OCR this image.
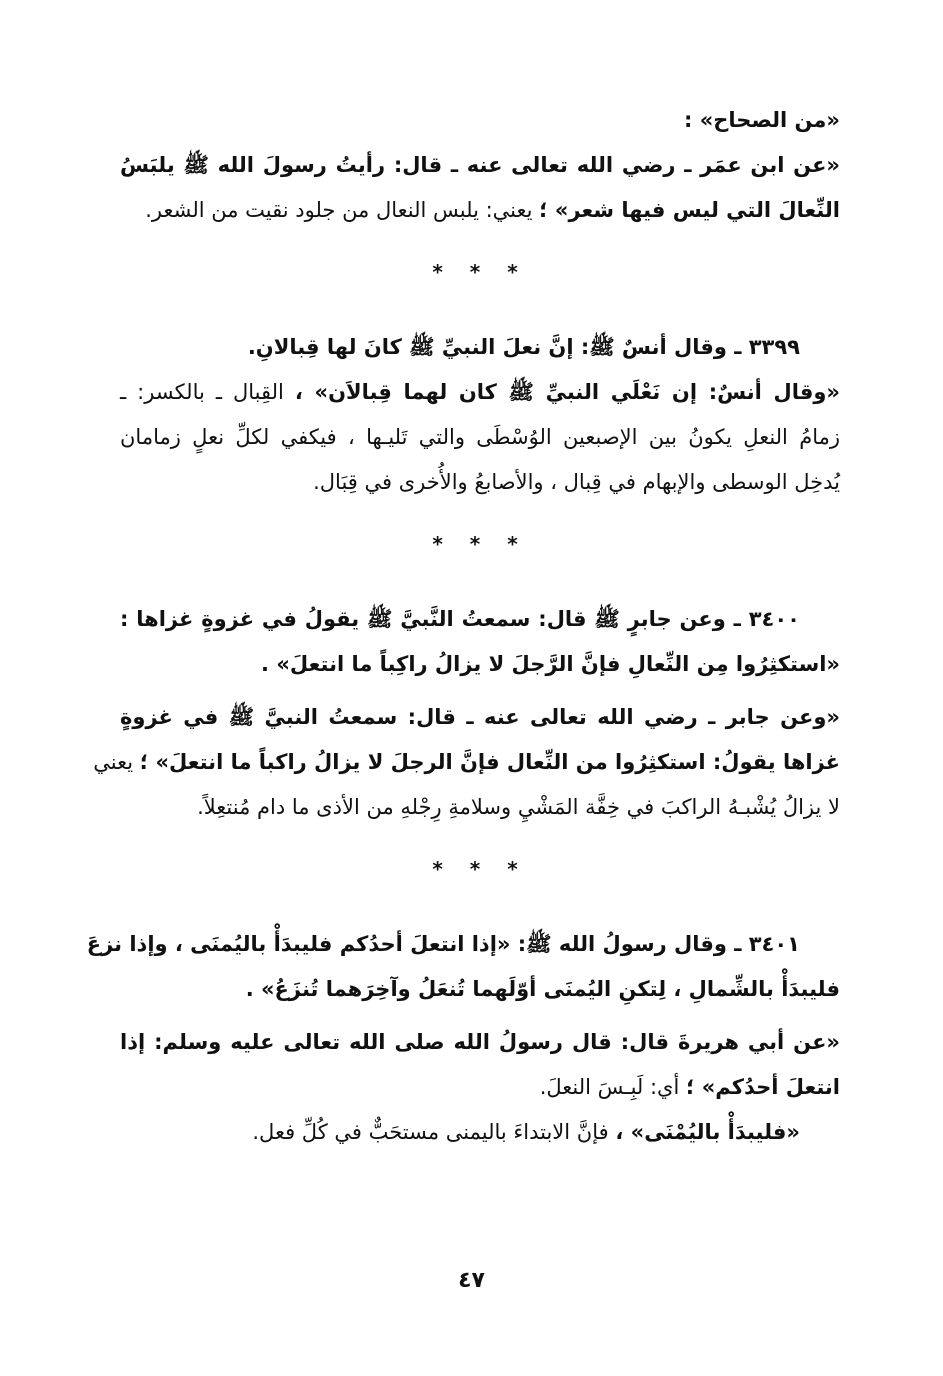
«من الصحاح» :
«عن ابن عمَر ـ رضي الله تعالى عنه ـ قال: رأيتُ رسولَ الله ﷺ يلبَسُ
النِّعالَ التي ليس فيها شعر» ؛ يعني: يلبس النعال من جلود نقيت من الشعر.
* * *
٣٣٩٩ ـ وقال أنسٌ ﷺ: إنَّ نعلَ النبيِّ ﷺ كانَ لها قِبالانِ.
«وقال أنسٌ: إن نَعْلَي النبيِّ ﷺ كان لهما قِبالاَن» ، القِبال ـ بالكسر: ـ
زمامُ النعلِ يكونُ بين الإصبعين الوُسْطَى والتي تَليـها ، فيكفي لكلِّ نعلٍ زمامان
يُدخِل الوسطى والإبهام في قِبال ، والأصابعُ والأُخرى في قِبَال.
* * *
٣٤٠٠ ـ وعن جابرٍ ﷺ قال: سمعتُ النَّبيَّ ﷺ يقولُ في غزوةٍ غزاها :
«استكثِرُوا مِن النِّعالِ فإنَّ الرَّجلَ لا يزالُ راكِباً ما انتعلَ» .
«وعن جابر ـ رضي الله تعالى عنه ـ قال: سمعتُ النبيَّ ﷺ في غزوةٍ
غزاها يقولُ: استكثِرُوا من النِّعال فإنَّ الرجلَ لا يزالُ راكباً ما انتعلَ» ؛ يعني
لا يزالُ يُشْبـهُ الراكبَ في خِفَّة المَشْيِ وسلامةِ رِجْلهِ من الأذى ما دام مُنتعِلاً.
* * *
٣٤٠١ ـ وقال رسولُ الله ﷺ: «إذا انتعلَ أحدُكم فليبدَأْ باليُمنَى ، وإذا نزعَ
فليبدَأْ بالشِّمالِ ، لِتكنِ اليُمنَى أوّلَهما تُنعَلُ وآخِرَهما تُنزَعُ» .
«عن أبي هريرةَ قال: قال رسولُ الله صلى الله تعالى عليه وسلم: إذا
انتعلَ أحدُكم» ؛ أي: لَبِـسَ النعلَ.
«فليبدَأْ باليُمْنَى» ، فإنَّ الابتداءَ باليمنى مستحَبٌّ في كُلِّ فعل.
٤٧
